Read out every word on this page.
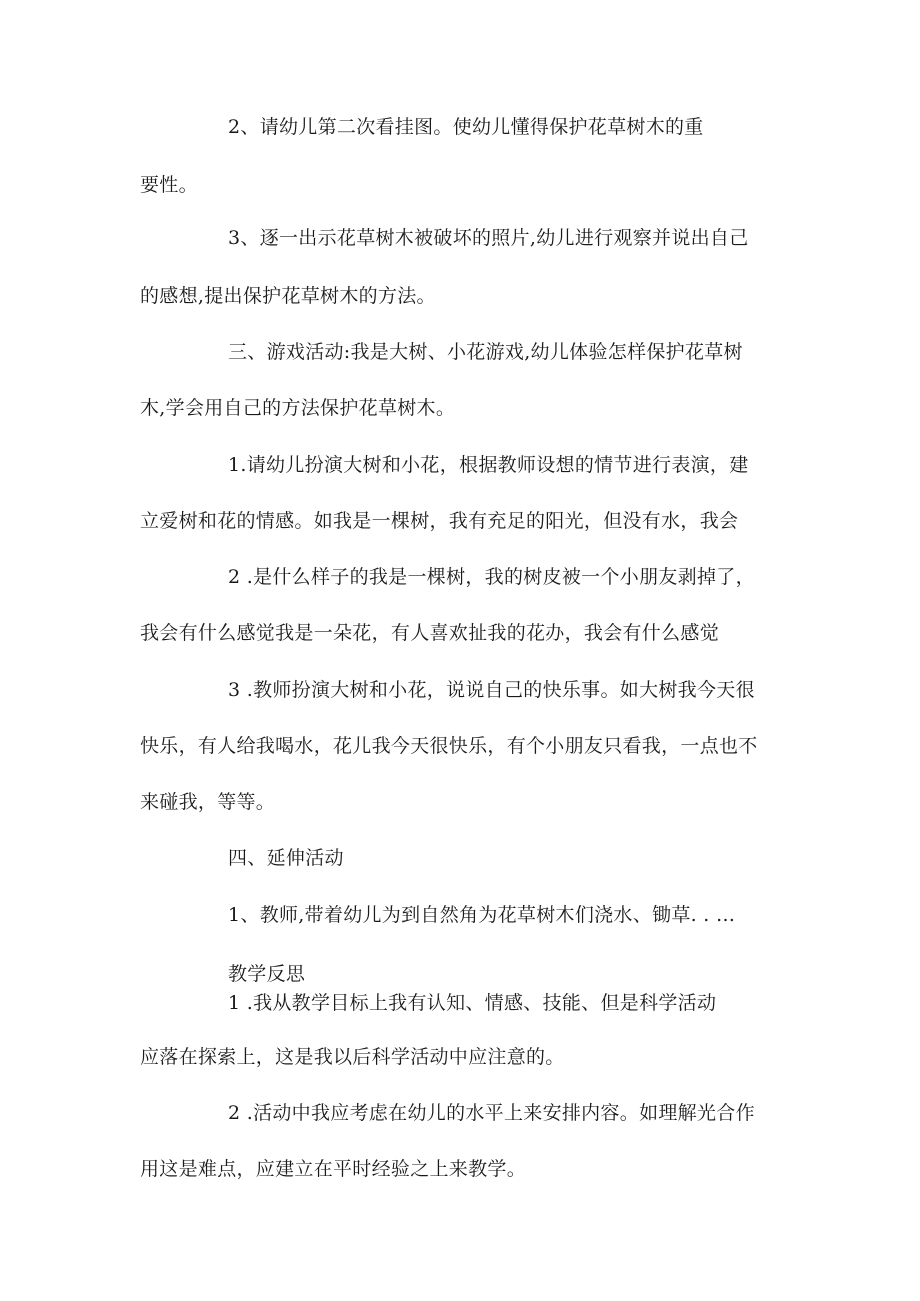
2、请幼儿第二次看挂图。使幼儿懂得保护花草树木的重
要性。
3、逐一出示花草树木被破坏的照片,幼儿进行观察并说出自己
的感想,提出保护花草树木的方法。
三、游戏活动:我是大树、小花游戏,幼儿体验怎样保护花草树
木,学会用自己的方法保护花草树木。
1.请幼儿扮演大树和小花，根据教师设想的情节进行表演，建
立爱树和花的情感。如我是一棵树，我有充足的阳光，但没有水，我会
2 .是什么样子的我是一棵树，我的树皮被一个小朋友剥掉了，
我会有什么感觉我是一朵花，有人喜欢扯我的花办，我会有什么感觉
3 .教师扮演大树和小花，说说自己的快乐事。如大树我今天很
快乐，有人给我喝水，花儿我今天很快乐，有个小朋友只看我，一点也不
来碰我，等等。
四、延伸活动
1、教师,带着幼儿为到自然角为花草树木们浇水、锄草. . …
教学反思
1 .我从教学目标上我有认知、情感、技能、但是科学活动
应落在探索上，这是我以后科学活动中应注意的。
2 .活动中我应考虑在幼儿的水平上来安排内容。如理解光合作
用这是难点，应建立在平时经验之上来教学。
